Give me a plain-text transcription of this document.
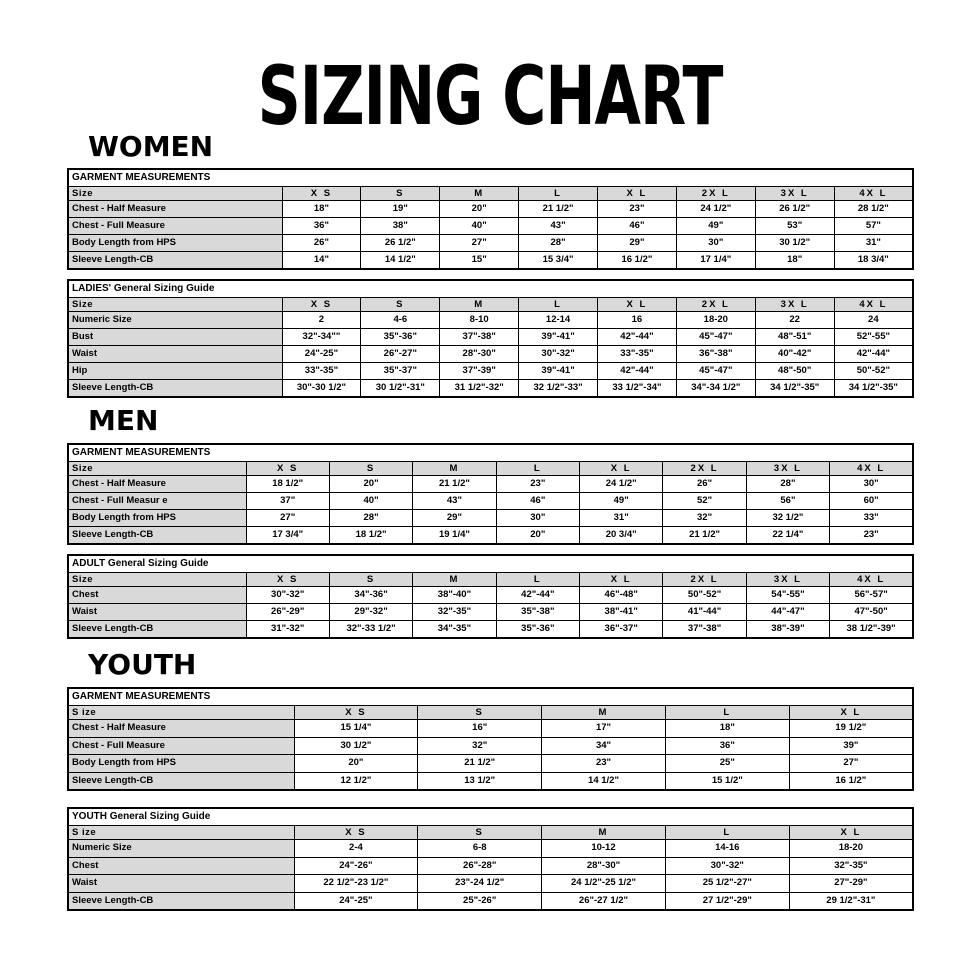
SIZING CHART
WOMEN
GARMENT MEASUREMENTS								
Size	X S	S	M	L	X L	2X L	3X L	4X L
Chest - Half Measure	18"	19"	20"	21 1/2"	23"	24 1/2"	26 1/2"	28 1/2"
Chest - Full Measure	36"	38"	40"	43"	46"	49"	53"	57"
Body Length from HPS	26"	26 1/2"	27"	28"	29"	30"	30 1/2"	31"
Sleeve Length-CB	14"	14 1/2"	15"	15 3/4"	16 1/2"	17 1/4"	18"	18 3/4"
LADIES' General Sizing Guide								
Size	X S	S	M	L	X L	2X L	3X L	4X L
Numeric Size	2	4-6	8-10	12-14	16	18-20	22	24
Bust	32"-34""	35"-36"	37"-38"	39"-41"	42"-44"	45"-47"	48"-51"	52"-55"
Waist	24"-25"	26"-27"	28"-30"	30"-32"	33"-35"	36"-38"	40"-42"	42"-44"
Hip	33"-35"	35"-37"	37"-39"	39"-41"	42"-44"	45"-47"	48"-50"	50"-52"
Sleeve Length-CB	30"-30 1/2"	30 1/2"-31"	31 1/2"-32"	32 1/2"-33"	33 1/2"-34"	34"-34 1/2"	34 1/2"-35"	34 1/2"-35"
MEN
GARMENT MEASUREMENTS								
Size	X S	S	M	L	X L	2X L	3X L	4X L
Chest - Half Measure	18 1/2"	20"	21 1/2"	23"	24 1/2"	26"	28"	30"
Chest - Full Measur e	37"	40"	43"	46"	49"	52"	56"	60"
Body Length from HPS	27"	28"	29"	30"	31"	32"	32 1/2"	33"
Sleeve Length-CB	17 3/4"	18 1/2"	19 1/4"	20"	20 3/4"	21 1/2"	22 1/4"	23"
ADULT General Sizing Guide								
Size	X S	S	M	L	X L	2X L	3X L	4X L
Chest	30"-32"	34"-36"	38"-40"	42"-44"	46"-48"	50"-52"	54"-55"	56"-57"
Waist	26"-29"	29"-32"	32"-35"	35"-38"	38"-41"	41"-44"	44"-47"	47"-50"
Sleeve Length-CB	31"-32"	32"-33 1/2"	34"-35"	35"-36"	36"-37"	37"-38"	38"-39"	38 1/2"-39"
YOUTH
GARMENT MEASUREMENTS					
S ize	X S	S	M	L	X L
Chest - Half Measure	15 1/4"	16"	17"	18"	19 1/2"
Chest - Full Measure	30 1/2"	32"	34"	36"	39"
Body Length from HPS	20"	21 1/2"	23"	25"	27"
Sleeve Length-CB	12 1/2"	13 1/2"	14 1/2"	15 1/2"	16 1/2"
YOUTH General Sizing Guide					
S ize	X S	S	M	L	X L
Numeric Size	2-4	6-8	10-12	14-16	18-20
Chest	24"-26"	26"-28"	28"-30"	30"-32"	32"-35"
Waist	22 1/2"-23 1/2"	23"-24 1/2"	24 1/2"-25 1/2"	25 1/2"-27"	27"-29"
Sleeve Length-CB	24"-25"	25"-26"	26"-27 1/2"	27 1/2"-29"	29 1/2"-31"
